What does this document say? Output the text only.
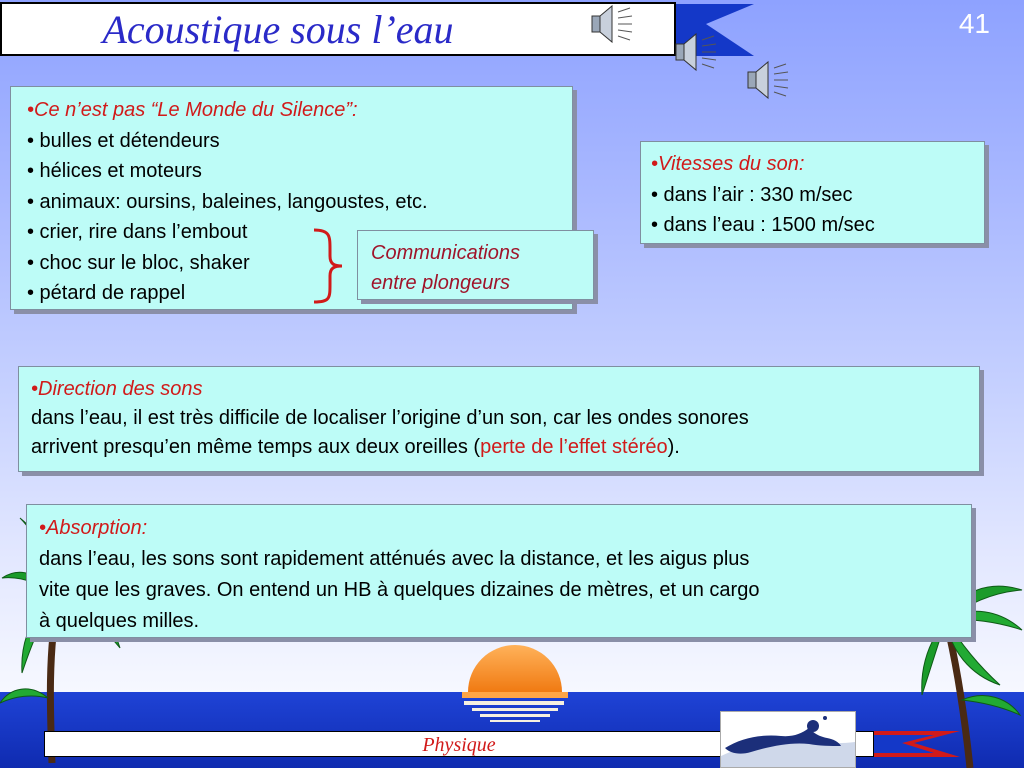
Acoustique sous l’eau	41

•Ce n’est pas “Le Monde du Silence”:

• bulles et détendeurs

• hélices et moteurs

• animaux: oursins, baleines, langoustes, etc.

• crier, rire dans l’embout

• choc sur le bloc, shaker

• pétard de rappel

Communications

entre plongeurs

•Vitesses du son:

• dans l’air : 330 m/sec

• dans l’eau : 1500 m/sec

•Direction des sons

dans l’eau, il est très difficile de localiser l’origine d’un son, car les ondes sonores

arrivent presqu’en même temps aux deux oreilles (perte de l’effet stéréo).

•Absorption:

dans l’eau, les sons sont rapidement atténués avec la distance, et les aigus plus

vite que les graves. On entend un HB à quelques dizaines de mètres, et un cargo

à quelques milles.

Physique
